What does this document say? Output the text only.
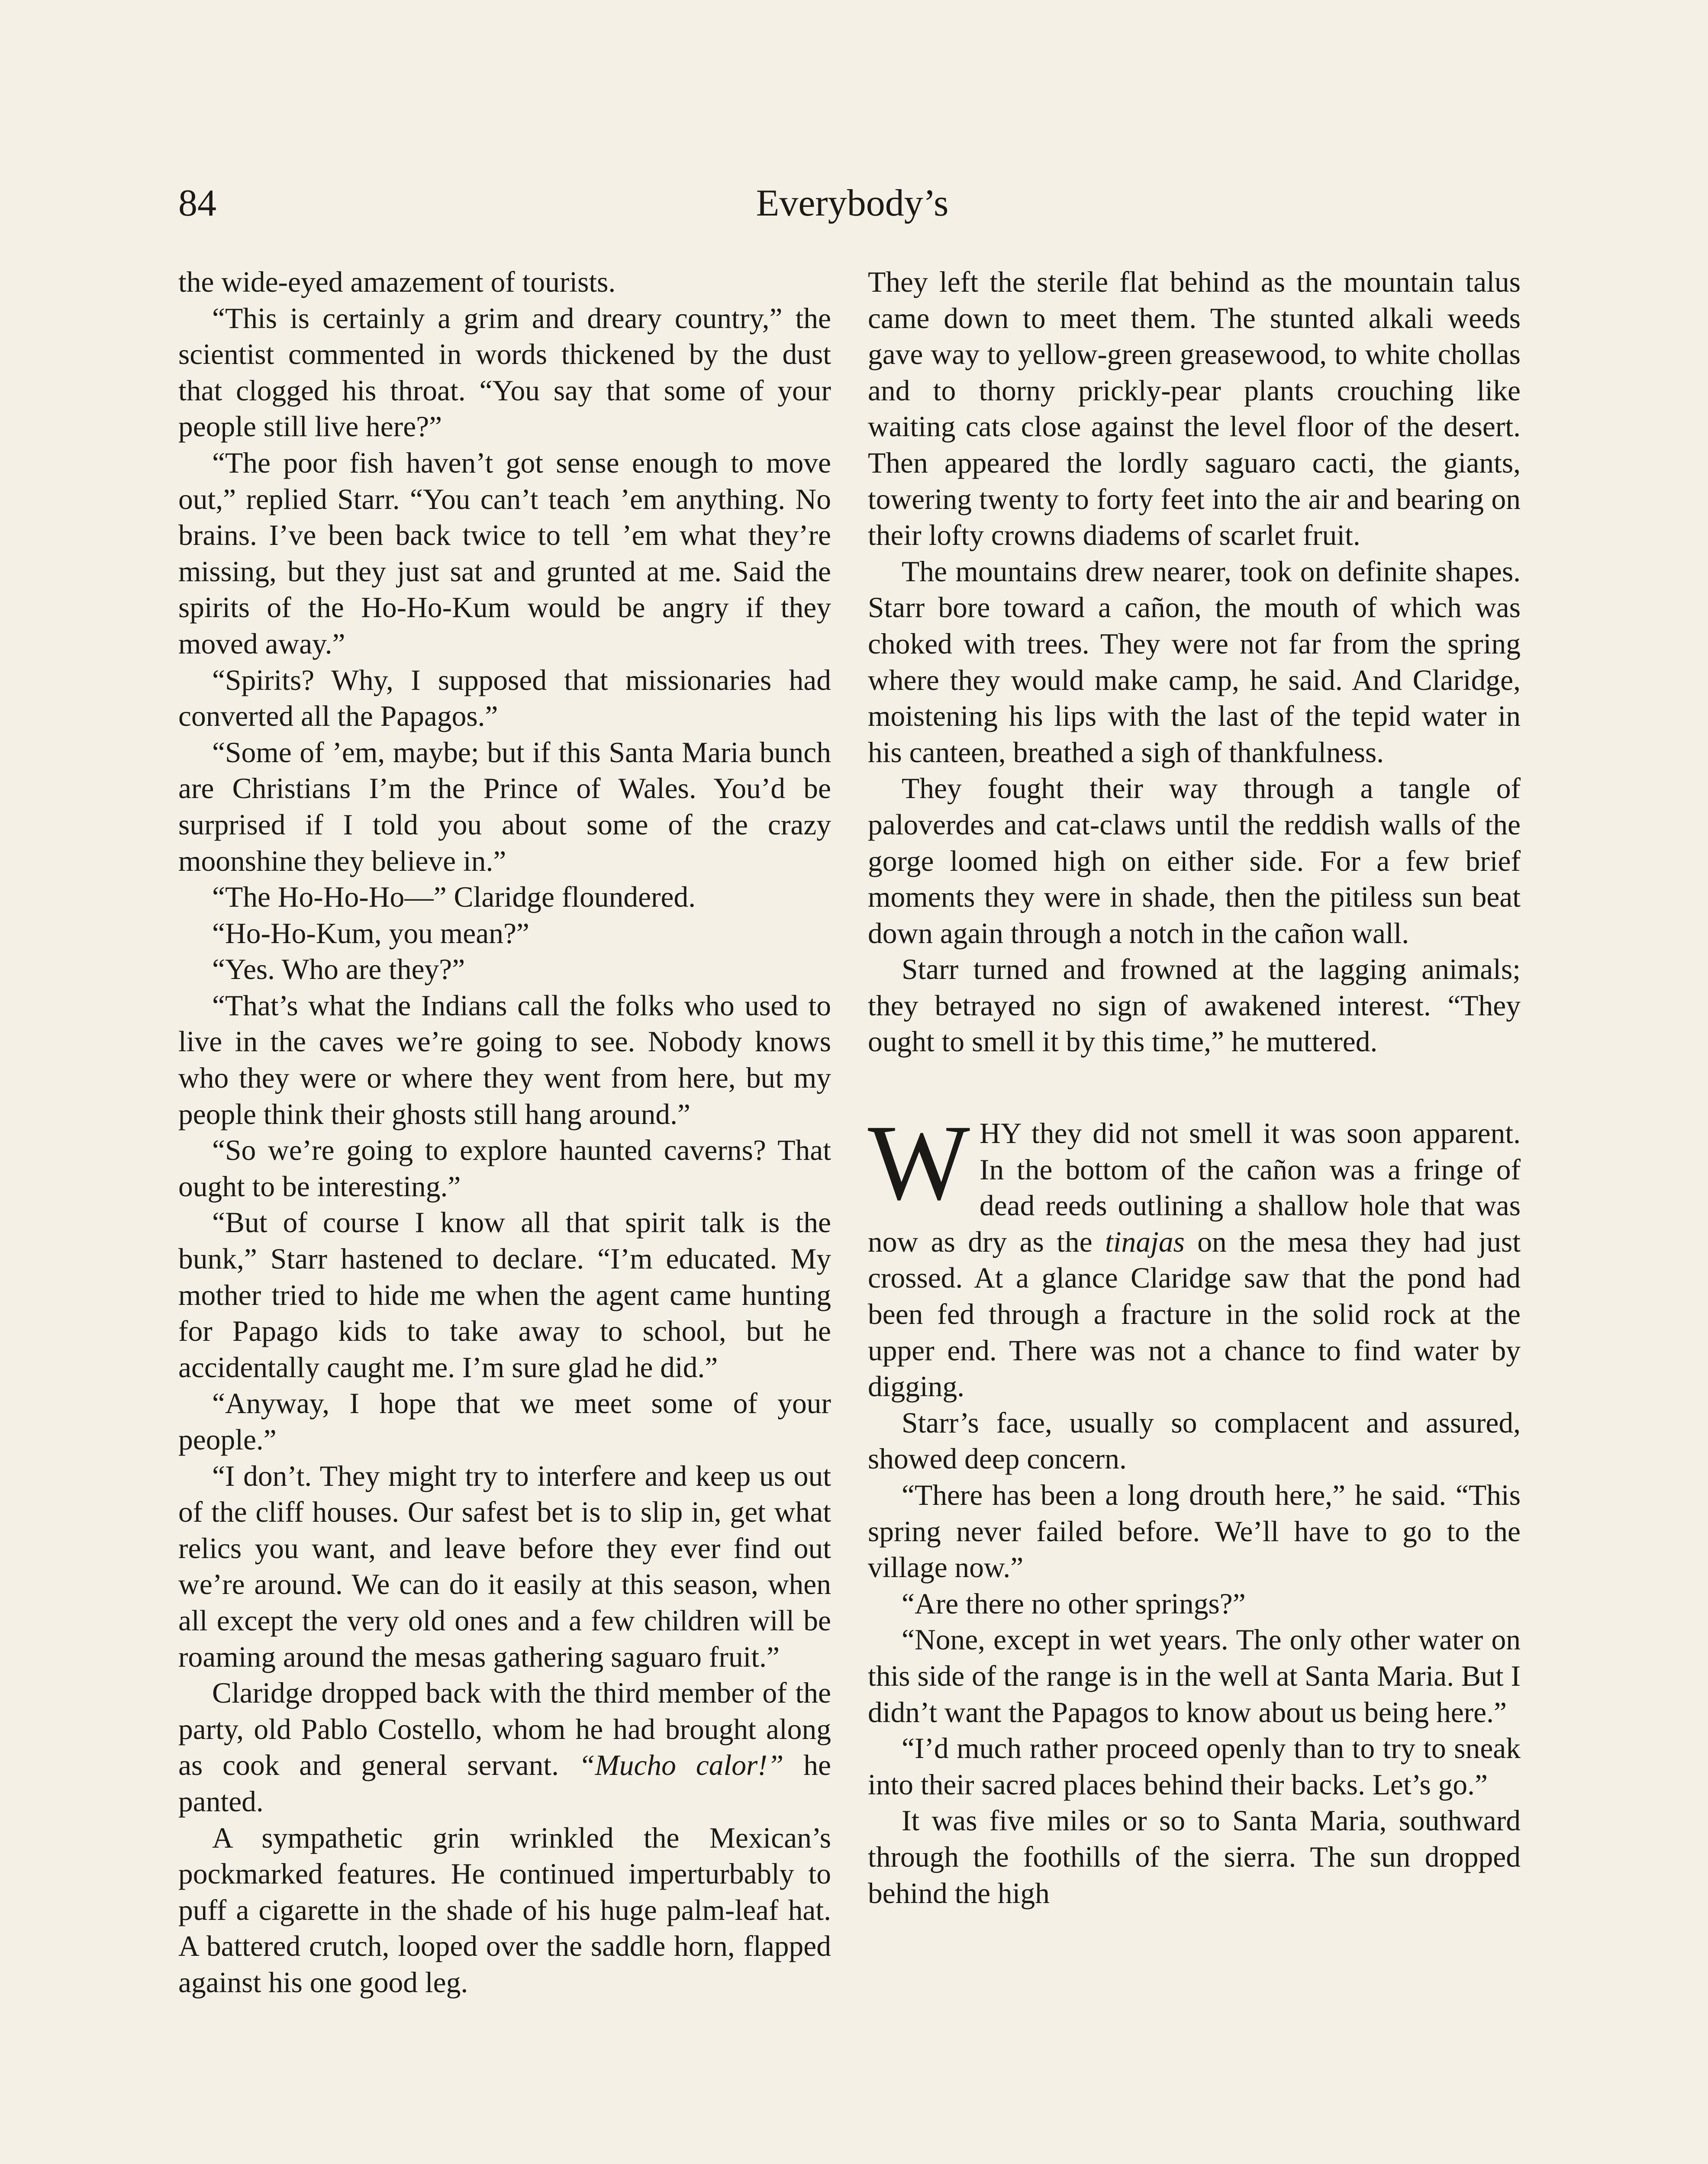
84	Everybody’s

the wide-eyed amazement of tourists.

“This is certainly a grim and dreary country,” the scientist commented in words thickened by the dust that clogged his throat. “You say that some of your people still live here?”

“The poor fish haven’t got sense enough to move out,” replied Starr. “You can’t teach ’em anything. No brains. I’ve been back twice to tell ’em what they’re missing, but they just sat and grunted at me. Said the spirits of the Ho-Ho-Kum would be angry if they moved away.”

“Spirits? Why, I supposed that missionaries had converted all the Papagos.”

“Some of ’em, maybe; but if this Santa Maria bunch are Christians I’m the Prince of Wales. You’d be surprised if I told you about some of the crazy moonshine they believe in.”

“The Ho-Ho-Ho—” Claridge floundered.

“Ho-Ho-Kum, you mean?”

“Yes. Who are they?”

“That’s what the Indians call the folks who used to live in the caves we’re going to see. Nobody knows who they were or where they went from here, but my people think their ghosts still hang around.”

“So we’re going to explore haunted caverns? That ought to be interesting.”

“But of course I know all that spirit talk is the bunk,” Starr hastened to declare. “I’m educated. My mother tried to hide me when the agent came hunting for Papago kids to take away to school, but he accidentally caught me. I’m sure glad he did.”

“Anyway, I hope that we meet some of your people.”

“I don’t. They might try to interfere and keep us out of the cliff houses. Our safest bet is to slip in, get what relics you want, and leave before they ever find out we’re around. We can do it easily at this season, when all except the very old ones and a few children will be roaming around the mesas gathering saguaro fruit.”

Claridge dropped back with the third member of the party, old Pablo Costello, whom he had brought along as cook and general servant. “Mucho calor!” he panted.

A sympathetic grin wrinkled the Mexican’s pockmarked features. He continued imperturbably to puff a cigarette in the shade of his huge palm-leaf hat. A battered crutch, looped over the saddle horn, flapped against his one good leg.

They left the sterile flat behind as the mountain talus came down to meet them. The stunted alkali weeds gave way to yellow-green greasewood, to white chollas and to thorny prickly-pear plants crouching like waiting cats close against the level floor of the desert. Then appeared the lordly saguaro cacti, the giants, towering twenty to forty feet into the air and bearing on their lofty crowns diadems of scarlet fruit.

The mountains drew nearer, took on definite shapes. Starr bore toward a cañon, the mouth of which was choked with trees. They were not far from the spring where they would make camp, he said. And Claridge, moistening his lips with the last of the tepid water in his canteen, breathed a sigh of thankfulness.

They fought their way through a tangle of paloverdes and cat-claws until the reddish walls of the gorge loomed high on either side. For a few brief moments they were in shade, then the pitiless sun beat down again through a notch in the cañon wall.

Starr turned and frowned at the lagging animals; they betrayed no sign of awakened interest. “They ought to smell it by this time,” he muttered.

WHY they did not smell it was soon apparent. In the bottom of the cañon was a fringe of dead reeds outlining a shallow hole that was now as dry as the tinajas on the mesa they had just crossed. At a glance Claridge saw that the pond had been fed through a fracture in the solid rock at the upper end. There was not a chance to find water by digging.

Starr’s face, usually so complacent and assured, showed deep concern.

“There has been a long drouth here,” he said. “This spring never failed before. We’ll have to go to the village now.”

“Are there no other springs?”

“None, except in wet years. The only other water on this side of the range is in the well at Santa Maria. But I didn’t want the Papagos to know about us being here.”

“I’d much rather proceed openly than to try to sneak into their sacred places behind their backs. Let’s go.”

It was five miles or so to Santa Maria, southward through the foothills of the sierra. The sun dropped behind the high
